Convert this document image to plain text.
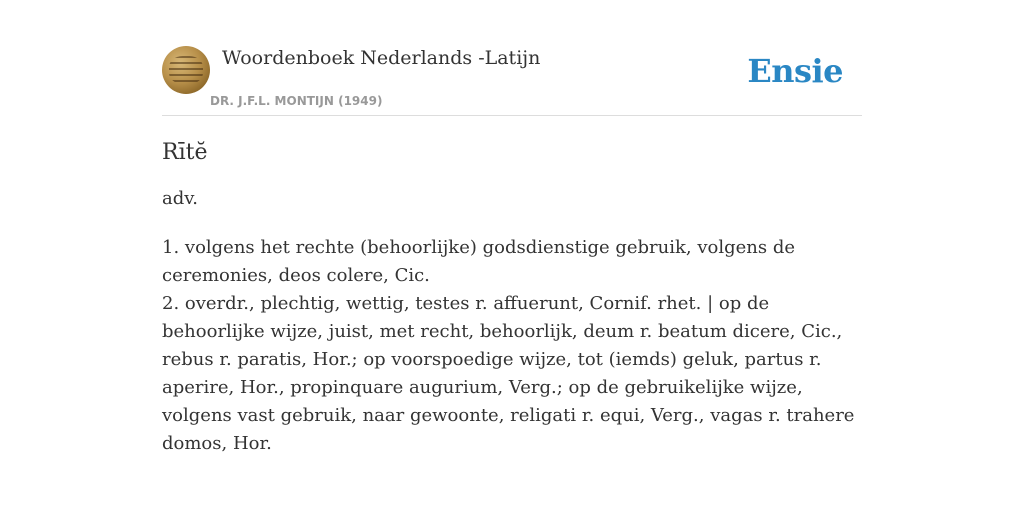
Woordenboek Nederlands -Latijn
DR. J.F.L. MONTIJN (1949)
Ensie
Rītĕ
adv.
1. volgens het rechte (behoorlijke) godsdienstige gebruik, volgens de ceremonies, deos colere, Cic.
2. overdr., plechtig, wettig, testes r. affuerunt, Cornif. rhet. | op de behoorlijke wijze, juist, met recht, behoorlijk, deum r. beatum dicere, Cic., rebus r. paratis, Hor.; op voorspoedige wijze, tot (iemds) geluk, partus r. aperire, Hor., propinquare augurium, Verg.; op de gebruikelijke wijze, volgens vast gebruik, naar gewoonte, religati r. equi, Verg., vagas r. trahere domos, Hor.
